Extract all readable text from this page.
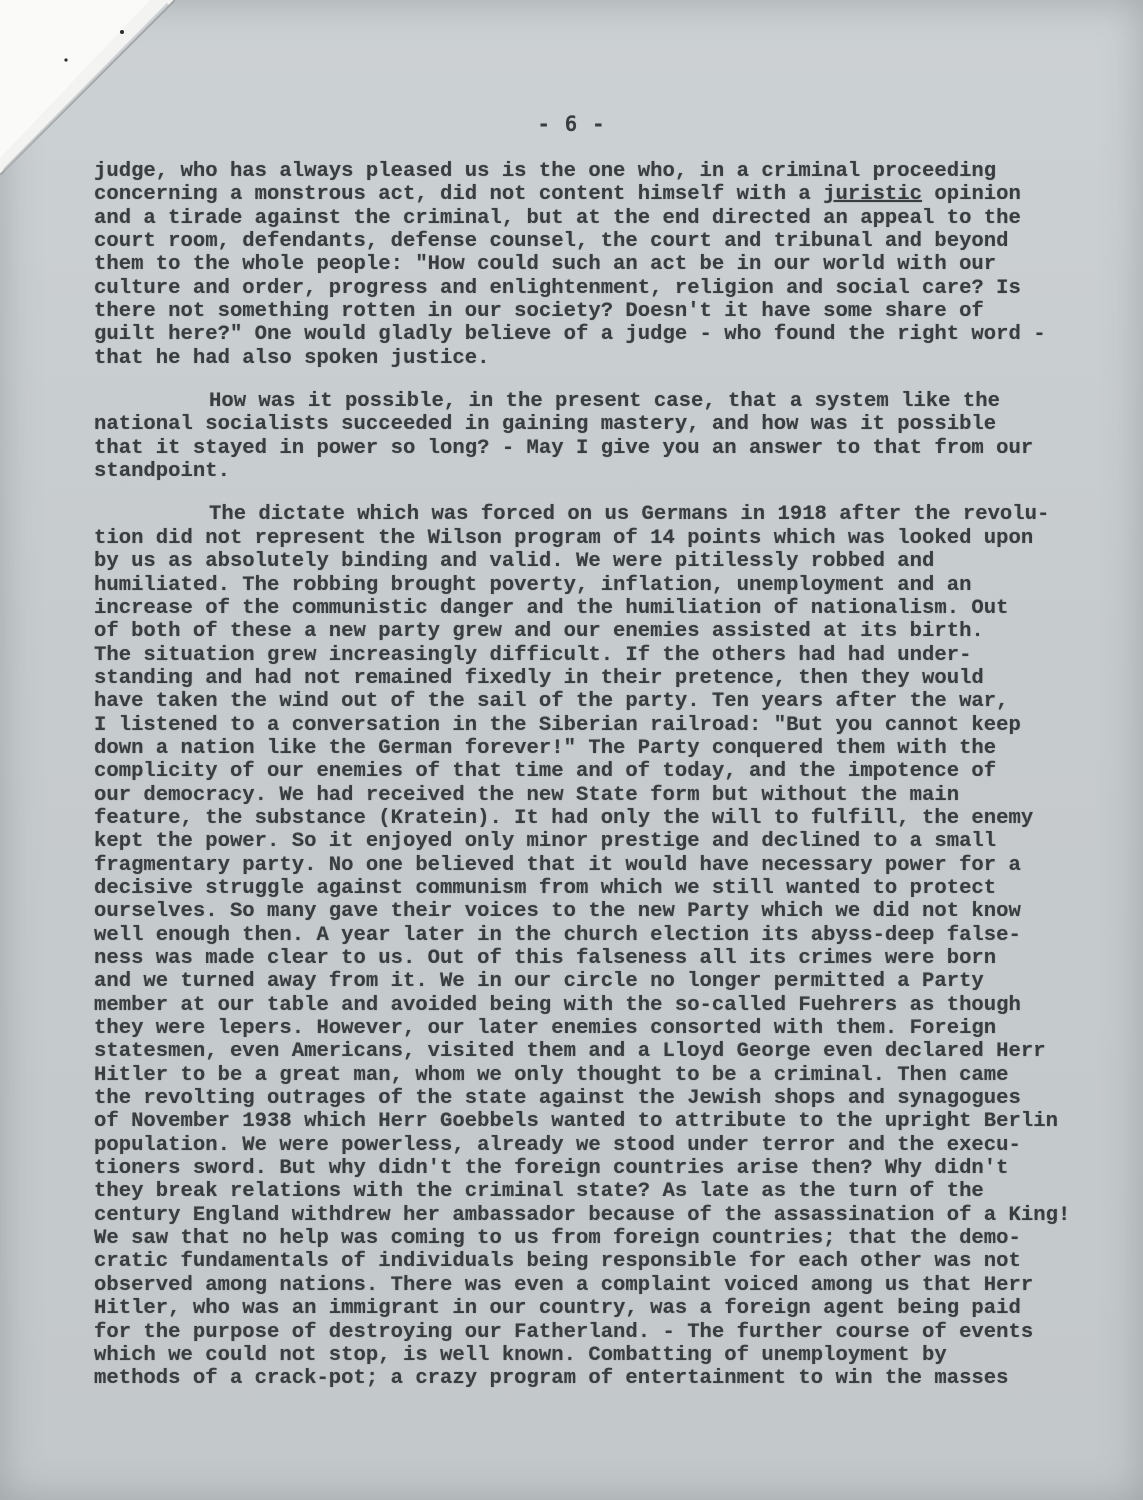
- 6 -
judge, who has always pleased us is the one who, in a criminal proceeding
concerning a monstrous act, did not content himself with a juristic opinion
and a tirade against the criminal, but at the end directed an appeal to the
court room, defendants, defense counsel, the court and tribunal and beyond
them to the whole people: "How could such an act be in our world with our
culture and order, progress and enlightenment, religion and social care? Is
there not something rotten in our society? Doesn't it have some share of
guilt here?" One would gladly believe of a judge - who found the right word -
that he had also spoken justice.
How was it possible, in the present case, that a system like the
national socialists succeeded in gaining mastery, and how was it possible
that it stayed in power so long? - May I give you an answer to that from our
standpoint.
The dictate which was forced on us Germans in 1918 after the revolu-
tion did not represent the Wilson program of 14 points which was looked upon
by us as absolutely binding and valid. We were pitilessly robbed and
humiliated. The robbing brought poverty, inflation, unemployment and an
increase of the communistic danger and the humiliation of nationalism. Out
of both of these a new party grew and our enemies assisted at its birth.
The situation grew increasingly difficult. If the others had had under-
standing and had not remained fixedly in their pretence, then they would
have taken the wind out of the sail of the party. Ten years after the war,
I listened to a conversation in the Siberian railroad: "But you cannot keep
down a nation like the German forever!" The Party conquered them with the
complicity of our enemies of that time and of today, and the impotence of
our democracy. We had received the new State form but without the main
feature, the substance (Kratein). It had only the will to fulfill, the enemy
kept the power. So it enjoyed only minor prestige and declined to a small
fragmentary party. No one believed that it would have necessary power for a
decisive struggle against communism from which we still wanted to protect
ourselves. So many gave their voices to the new Party which we did not know
well enough then. A year later in the church election its abyss-deep false-
ness was made clear to us. Out of this falseness all its crimes were born
and we turned away from it. We in our circle no longer permitted a Party
member at our table and avoided being with the so-called Fuehrers as though
they were lepers. However, our later enemies consorted with them. Foreign
statesmen, even Americans, visited them and a Lloyd George even declared Herr
Hitler to be a great man, whom we only thought to be a criminal. Then came
the revolting outrages of the state against the Jewish shops and synagogues
of November 1938 which Herr Goebbels wanted to attribute to the upright Berlin
population. We were powerless, already we stood under terror and the execu-
tioners sword. But why didn't the foreign countries arise then? Why didn't
they break relations with the criminal state? As late as the turn of the
century England withdrew her ambassador because of the assassination of a King!
We saw that no help was coming to us from foreign countries; that the demo-
cratic fundamentals of individuals being responsible for each other was not
observed among nations. There was even a complaint voiced among us that Herr
Hitler, who was an immigrant in our country, was a foreign agent being paid
for the purpose of destroying our Fatherland. - The further course of events
which we could not stop, is well known. Combatting of unemployment by
methods of a crack-pot; a crazy program of entertainment to win the masses
